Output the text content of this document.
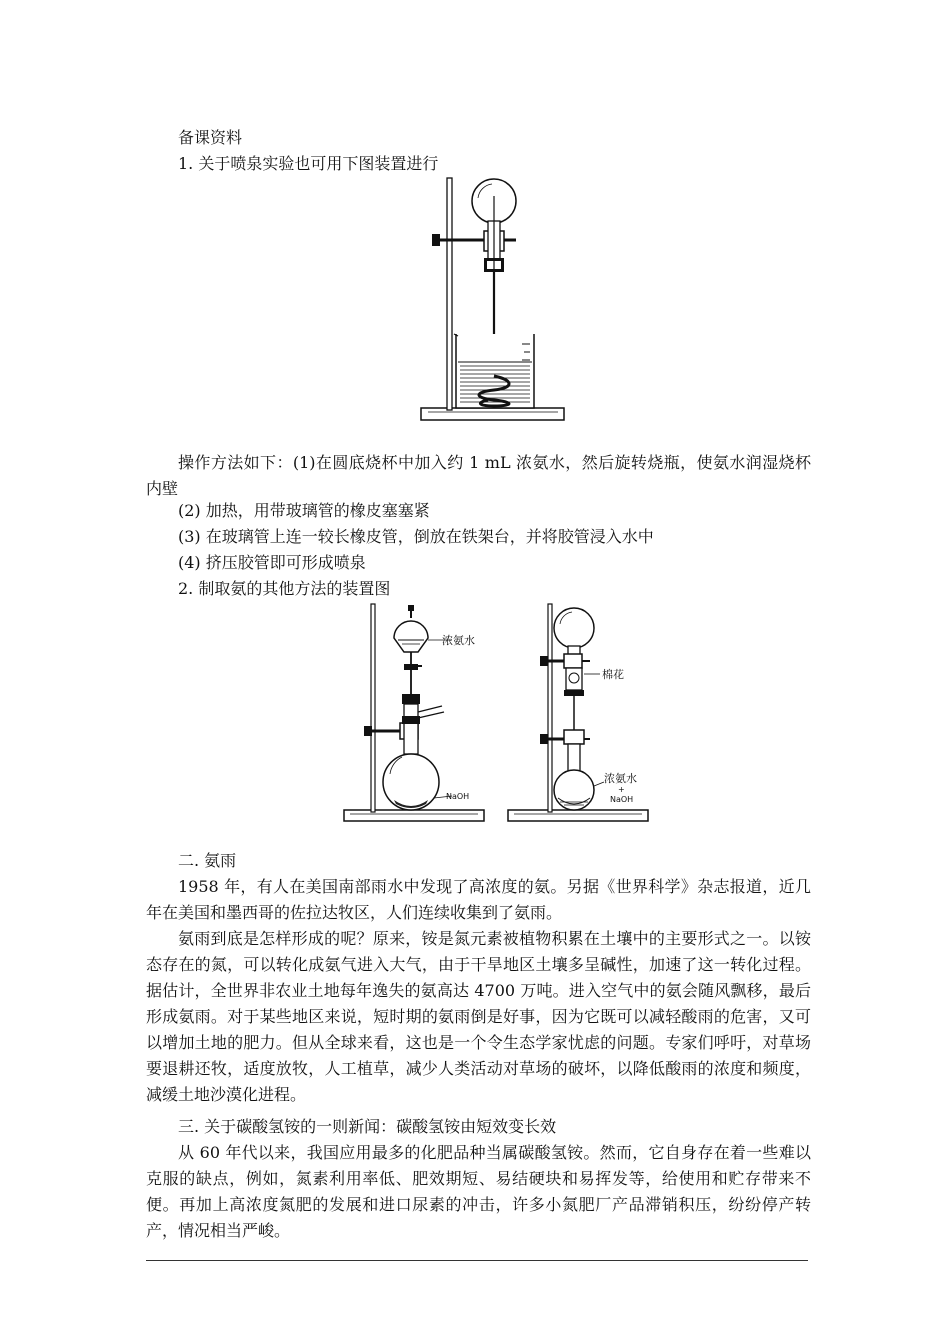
备课资料
1. 关于喷泉实验也可用下图装置进行
操作方法如下：(1)在圆底烧杯中加入约 1 mL 浓氨水，然后旋转烧瓶，使氨水润湿烧杯内壁
(2) 加热，用带玻璃管的橡皮塞塞紧
(3) 在玻璃管上连一较长橡皮管，倒放在铁架台，并将胶管浸入水中
(4) 挤压胶管即可形成喷泉
2. 制取氨的其他方法的装置图
浓氨水
NaOH
棉花
浓氨水
+
NaOH
二. 氨雨
1958 年，有人在美国南部雨水中发现了高浓度的氨。另据《世界科学》杂志报道，近几年在美国和墨西哥的佐拉达牧区，人们连续收集到了氨雨。
氨雨到底是怎样形成的呢？原来，铵是氮元素被植物积累在土壤中的主要形式之一。以铵态存在的氮，可以转化成氨气进入大气，由于干旱地区土壤多呈碱性，加速了这一转化过程。据估计，全世界非农业土地每年逸失的氨高达 4700 万吨。进入空气中的氨会随风飘移，最后形成氨雨。对于某些地区来说，短时期的氨雨倒是好事，因为它既可以减轻酸雨的危害，又可以增加土地的肥力。但从全球来看，这也是一个令生态学家忧虑的问题。专家们呼吁，对草场要退耕还牧，适度放牧，人工植草，减少人类活动对草场的破坏，以降低酸雨的浓度和频度，减缓土地沙漠化进程。
三. 关于碳酸氢铵的一则新闻：碳酸氢铵由短效变长效
从 60 年代以来，我国应用最多的化肥品种当属碳酸氢铵。然而，它自身存在着一些难以克服的缺点，例如，氮素利用率低、肥效期短、易结硬块和易挥发等，给使用和贮存带来不便。再加上高浓度氮肥的发展和进口尿素的冲击，许多小氮肥厂产品滞销积压，纷纷停产转产，情况相当严峻。
